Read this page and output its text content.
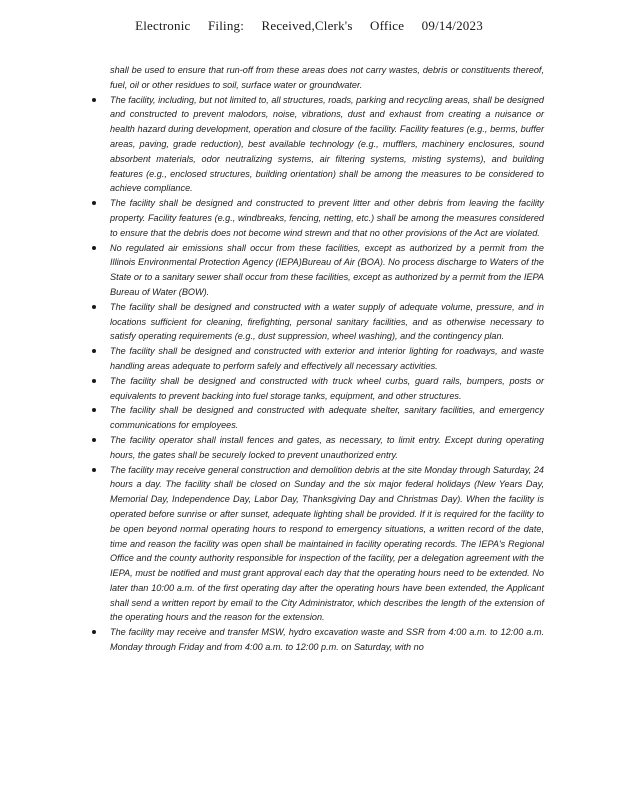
Electronic Filing: Received,Clerk's Office 09/14/2023

shall be used to ensure that run-off from these areas does not carry wastes, debris or constituents thereof, fuel, oil or other residues to soil, surface water or groundwater.

The facility, including, but not limited to, all structures, roads, parking and recycling areas, shall be designed and constructed to prevent malodors, noise, vibrations, dust and exhaust from creating a nuisance or health hazard during development, operation and closure of the facility. Facility features (e.g., berms, buffer areas, paving, grade reduction), best available technology (e.g., mufflers, machinery enclosures, sound absorbent materials, odor neutralizing systems, air filtering systems, misting systems), and building features (e.g., enclosed structures, building orientation) shall be among the measures to be considered to achieve compliance.
The facility shall be designed and constructed to prevent litter and other debris from leaving the facility property. Facility features (e.g., windbreaks, fencing, netting, etc.) shall be among the measures considered to ensure that the debris does not become wind strewn and that no other provisions of the Act are violated.
No regulated air emissions shall occur from these facilities, except as authorized by a permit from the Illinois Environmental Protection Agency (IEPA)Bureau of Air (BOA). No process discharge to Waters of the State or to a sanitary sewer shall occur from these facilities, except as authorized by a permit from the IEPA Bureau of Water (BOW).
The facility shall be designed and constructed with a water supply of adequate volume, pressure, and in locations sufficient for cleaning, firefighting, personal sanitary facilities, and as otherwise necessary to satisfy operating requirements (e.g., dust suppression, wheel washing), and the contingency plan.
The facility shall be designed and constructed with exterior and interior lighting for roadways, and waste handling areas adequate to perform safely and effectively all necessary activities.
The facility shall be designed and constructed with truck wheel curbs, guard rails, bumpers, posts or equivalents to prevent backing into fuel storage tanks, equipment, and other structures.
The facility shall be designed and constructed with adequate shelter, sanitary facilities, and emergency communications for employees.
The facility operator shall install fences and gates, as necessary, to limit entry. Except during operating hours, the gates shall be securely locked to prevent unauthorized entry.
The facility may receive general construction and demolition debris at the site Monday through Saturday, 24 hours a day. The facility shall be closed on Sunday and the six major federal holidays (New Years Day, Memorial Day, Independence Day, Labor Day, Thanksgiving Day and Christmas Day). When the facility is operated before sunrise or after sunset, adequate lighting shall be provided. If it is required for the facility to be open beyond normal operating hours to respond to emergency situations, a written record of the date, time and reason the facility was open shall be maintained in facility operating records. The IEPA's Regional Office and the county authority responsible for inspection of the facility, per a delegation agreement with the IEPA, must be notified and must grant approval each day that the operating hours need to be extended. No later than 10:00 a.m. of the first operating day after the operating hours have been extended, the Applicant shall send a written report by email to the City Administrator, which describes the length of the extension of the operating hours and the reason for the extension.
The facility may receive and transfer MSW, hydro excavation waste and SSR from 4:00 a.m. to 12:00 a.m. Monday through Friday and from 4:00 a.m. to 12:00 p.m. on Saturday, with no
